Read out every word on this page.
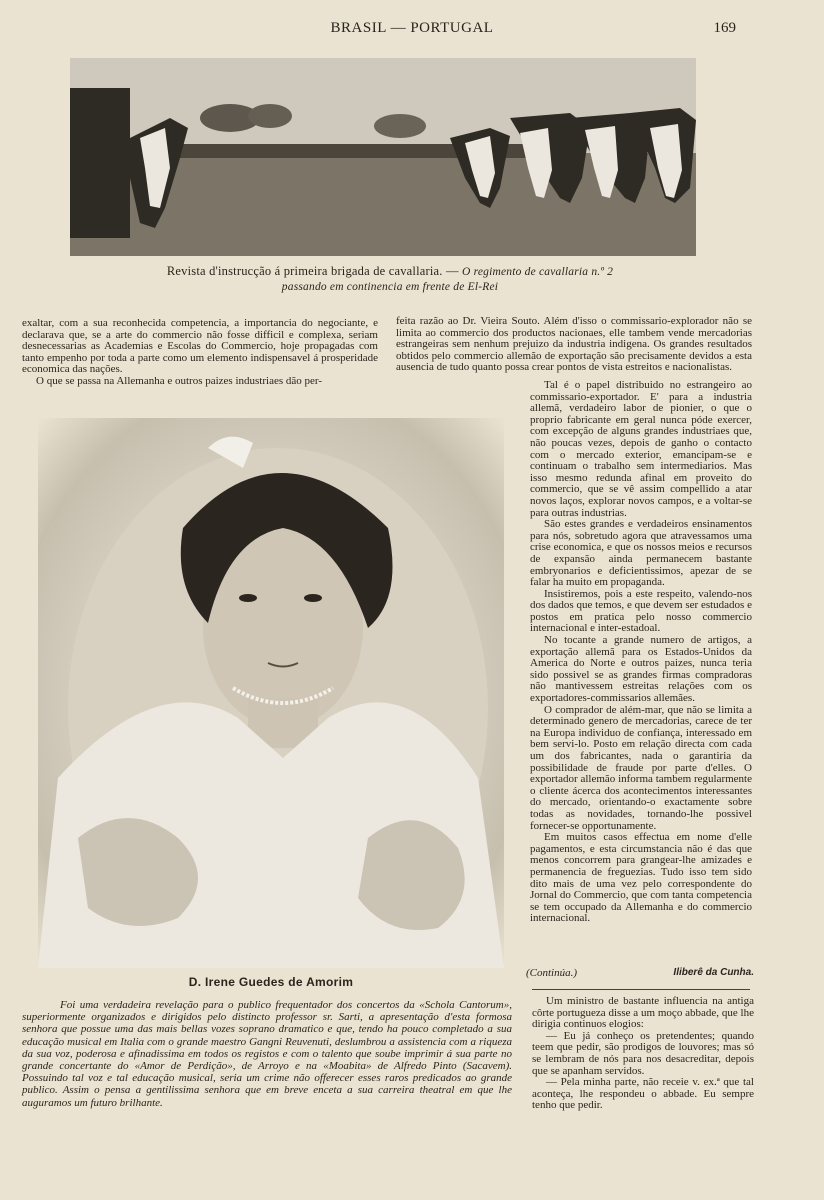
BRASIL — PORTUGAL	169
Revista d'instrucção á primeira brigada de cavallaria. — O regimento de cavallaria n.º 2
passando em continencia em frente de El-Rei

exaltar, com a sua reconhecida competencia, a importancia do negociante, e declarava que, se a arte do commercio não fosse difficil e complexa, seriam desnecessarias as Academias e Escolas do Commercio, hoje propagadas com tanto empenho por toda a parte como um elemento indispensavel á prosperidade economica das nações.

O que se passa na Allemanha e outros paizes industriaes dão per-

feita razão ao Dr. Vieira Souto. Além d'isso o commissario-explorador não se limita ao commercio dos productos nacionaes, elle tambem vende mercadorias estrangeiras sem nenhum prejuizo da industria indigena. Os grandes resultados obtidos pelo commercio allemão de exportação são precisamente devidos a esta ausencia de tudo quanto possa crear pontos de vista estreitos e nacionalistas.

Tal é o papel distribuido no estrangeiro ao commissario-exportador. E' para a industria allemã, verdadeiro labor de pionier, o que o proprio fabricante em geral nunca póde exercer, com excepção de alguns grandes industriaes que, não poucas vezes, depois de ganho o contacto com o mercado exterior, emancipam-se e continuam o trabalho sem intermediarios. Mas isso mesmo redunda afinal em proveito do commercio, que se vê assim compellido a atar novos laços, explorar novos campos, e a voltar-se para outras industrias.

São estes grandes e verdadeiros ensinamentos para nós, sobretudo agora que atravessamos uma crise economica, e que os nossos meios e recursos de expansão ainda permanecem bastante embryonarios e deficientissimos, apezar de se falar ha muito em propaganda.

Insistiremos, pois a este respeito, valendo-nos dos dados que temos, e que devem ser estudados e postos em pratica pelo nosso commercio internacional e inter-estadoal.

No tocante a grande numero de artigos, a exportação allemã para os Estados-Unidos da America do Norte e outros paizes, nunca teria sido possivel se as grandes firmas compradoras não mantivessem estreitas relações com os exportadores-commissarios allemães.

O comprador de além-mar, que não se limita a determinado genero de mercadorias, carece de ter na Europa individuo de confiança, interessado em bem servi-lo. Posto em relação directa com cada um dos fabricantes, nada o garantiria da possibilidade de fraude por parte d'elles. O exportador allemão informa tambem regularmente o cliente ácerca dos acontecimentos interessantes do mercado, orientando-o exactamente sobre todas as novidades, tornando-lhe possivel fornecer-se opportunamente.

Em muitos casos effectua em nome d'elle pagamentos, e esta circumstancia não é das que menos concorrem para grangear-lhe amizades e permanencia de freguezias. Tudo isso tem sido dito mais de uma vez pelo correspondente do Jornal do Commercio, que com tanta competencia se tem occupado da Allemanha e do commercio internacional.

(Continúa.)	Iliberê da Cunha.
D. Irene Guedes de Amorim

Foi uma verdadeira revelação para o publico frequentador dos concertos da «Schola Cantorum», superiormente organizados e dirigidos pelo distincto professor sr. Sarti, a apresentação d'esta formosa senhora que possue uma das mais bellas vozes soprano dramatico e que, tendo ha pouco completado a sua educação musical em Italia com o grande maestro Gangni Reuvenuti, deslumbrou a assistencia com a riqueza da sua voz, poderosa e afinadissima em todos os registos e com o talento que soube imprimir á sua parte no grande concertante do «Amor de Perdição», de Arroyo e na «Moabita» de Alfredo Pinto (Sacavem). Possuindo tal voz e tal educação musical, seria um crime não offerecer esses raros predicados ao grande publico. Assim o pensa a gentilissima senhora que em breve enceta a sua carreira theatral em que lhe auguramos um futuro brilhante.

Um ministro de bastante influencia na antiga côrte portugueza disse a um moço abbade, que lhe dirigia continuos elogios:

— Eu já conheço os pretendentes; quando teem que pedir, são prodigos de louvores; mas só se lembram de nós para nos desacreditar, depois que se apanham servidos.

— Pela minha parte, não receie v. ex.ª que tal aconteça, lhe respondeu o abbade. Eu sempre tenho que pedir.
